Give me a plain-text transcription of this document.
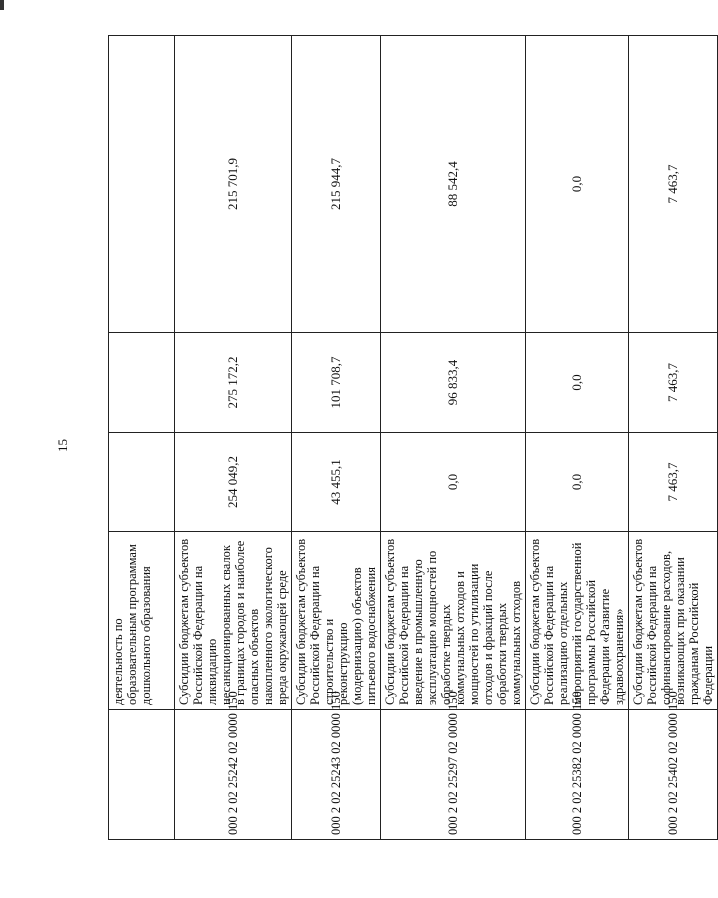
15
	деятельность по образовательным программам дошкольного образования			
000 2 02 25242 02 0000 150	Субсидии бюджетам субъектов Российской Федерации на ликвидацию несанкционированных свалок в границах городов и наиболее опасных объектов накопленного экологического вреда окружающей среде	254 049,2	275 172,2	215 701,9
000 2 02 25243 02 0000 150	Субсидии бюджетам субъектов Российской Федерации на строительство и реконструкцию (модернизацию) объектов питьевого водоснабжения	43 455,1	101 708,7	215 944,7
000 2 02 25297 02 0000 150	Субсидии бюджетам субъектов Российской Федерации на введение в промышленную эксплуатацию мощностей по обработке твердых коммунальных отходов и мощностей по утилизации отходов и фракций после обработки твердых коммунальных отходов	0,0	96 833,4	88 542,4
000 2 02 25382 02 0000 150	Субсидии бюджетам субъектов Российской Федерации на реализацию отдельных мероприятий государственной программы Российской Федерации «Развитие здравоохранения»	0,0	0,0	0,0
000 2 02 25402 02 0000 150	Субсидии бюджетам субъектов Российской Федерации на софинансирование расходов, возникающих при оказании гражданам Российской Федерации	7 463,7	7 463,7	7 463,7
